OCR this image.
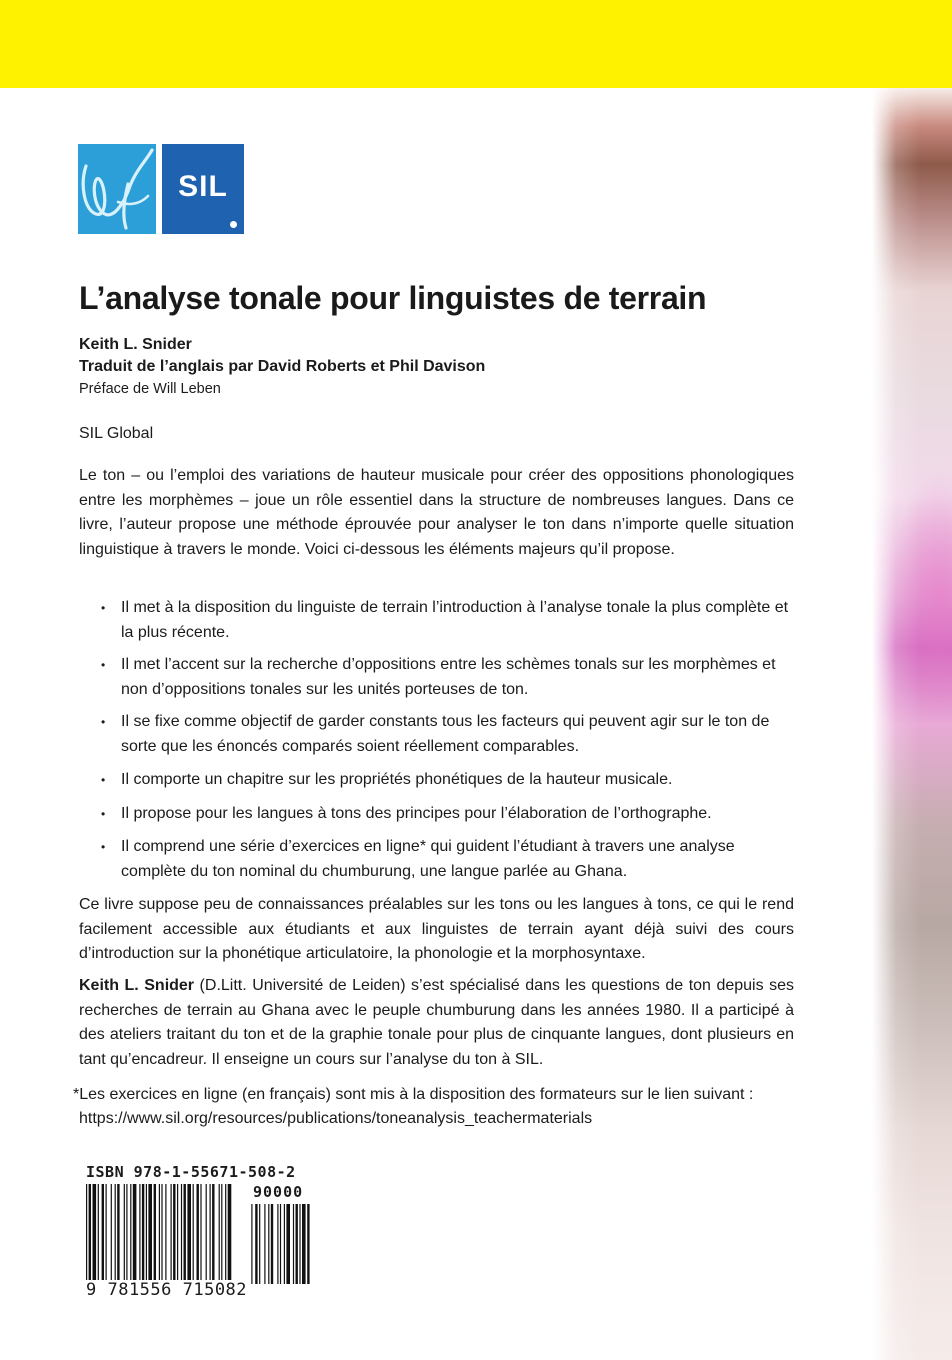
SIL
L’analyse tonale pour linguistes de terrain
Keith L. Snider
Traduit de l’anglais par David Roberts et Phil Davison
Préface de Will Leben
SIL Global

Le ton – ou l’emploi des variations de hauteur musicale pour créer des oppositions phonologiques entre les morphèmes – joue un rôle essentiel dans la structure de nombreuses langues. Dans ce livre, l’auteur propose une méthode éprouvée pour analyser le ton dans n’importe quelle situation linguistique à travers le monde. Voici ci-dessous les éléments majeurs qu’il propose.

• Il met à la disposition du linguiste de terrain l’introduction à l’analyse tonale la plus complète et la plus récente.
• Il met l’accent sur la recherche d’oppositions entre les schèmes tonals sur les morphèmes et non d’oppositions tonales sur les unités porteuses de ton.
• Il se fixe comme objectif de garder constants tous les facteurs qui peuvent agir sur le ton de sorte que les énoncés comparés soient réellement comparables.
• Il comporte un chapitre sur les propriétés phonétiques de la hauteur musicale.
• Il propose pour les langues à tons des principes pour l’élaboration de l’orthographe.
• Il comprend une série d’exercices en ligne* qui guident l’étudiant à travers une analyse complète du ton nominal du chumburung, une langue parlée au Ghana.

Ce livre suppose peu de connaissances préalables sur les tons ou les langues à tons, ce qui le rend facilement accessible aux étudiants et aux linguistes de terrain ayant déjà suivi des cours d’introduction sur la phonétique articulatoire, la phonologie et la morphosyntaxe.

Keith L. Snider (D.Litt. Université de Leiden) s’est spécialisé dans les questions de ton depuis ses recherches de terrain au Ghana avec le peuple chumburung dans les années 1980. Il a participé à des ateliers traitant du ton et de la graphie tonale pour plus de cinquante langues, dont plusieurs en tant qu’encadreur. Il enseigne un cours sur l’analyse du ton à SIL.

*Les exercices en ligne (en français) sont mis à la disposition des formateurs sur le lien suivant :
https://www.sil.org/resources/publications/toneanalysis_teachermaterials
ISBN 978-1-55671-508-2
90000
9 781556 715082
